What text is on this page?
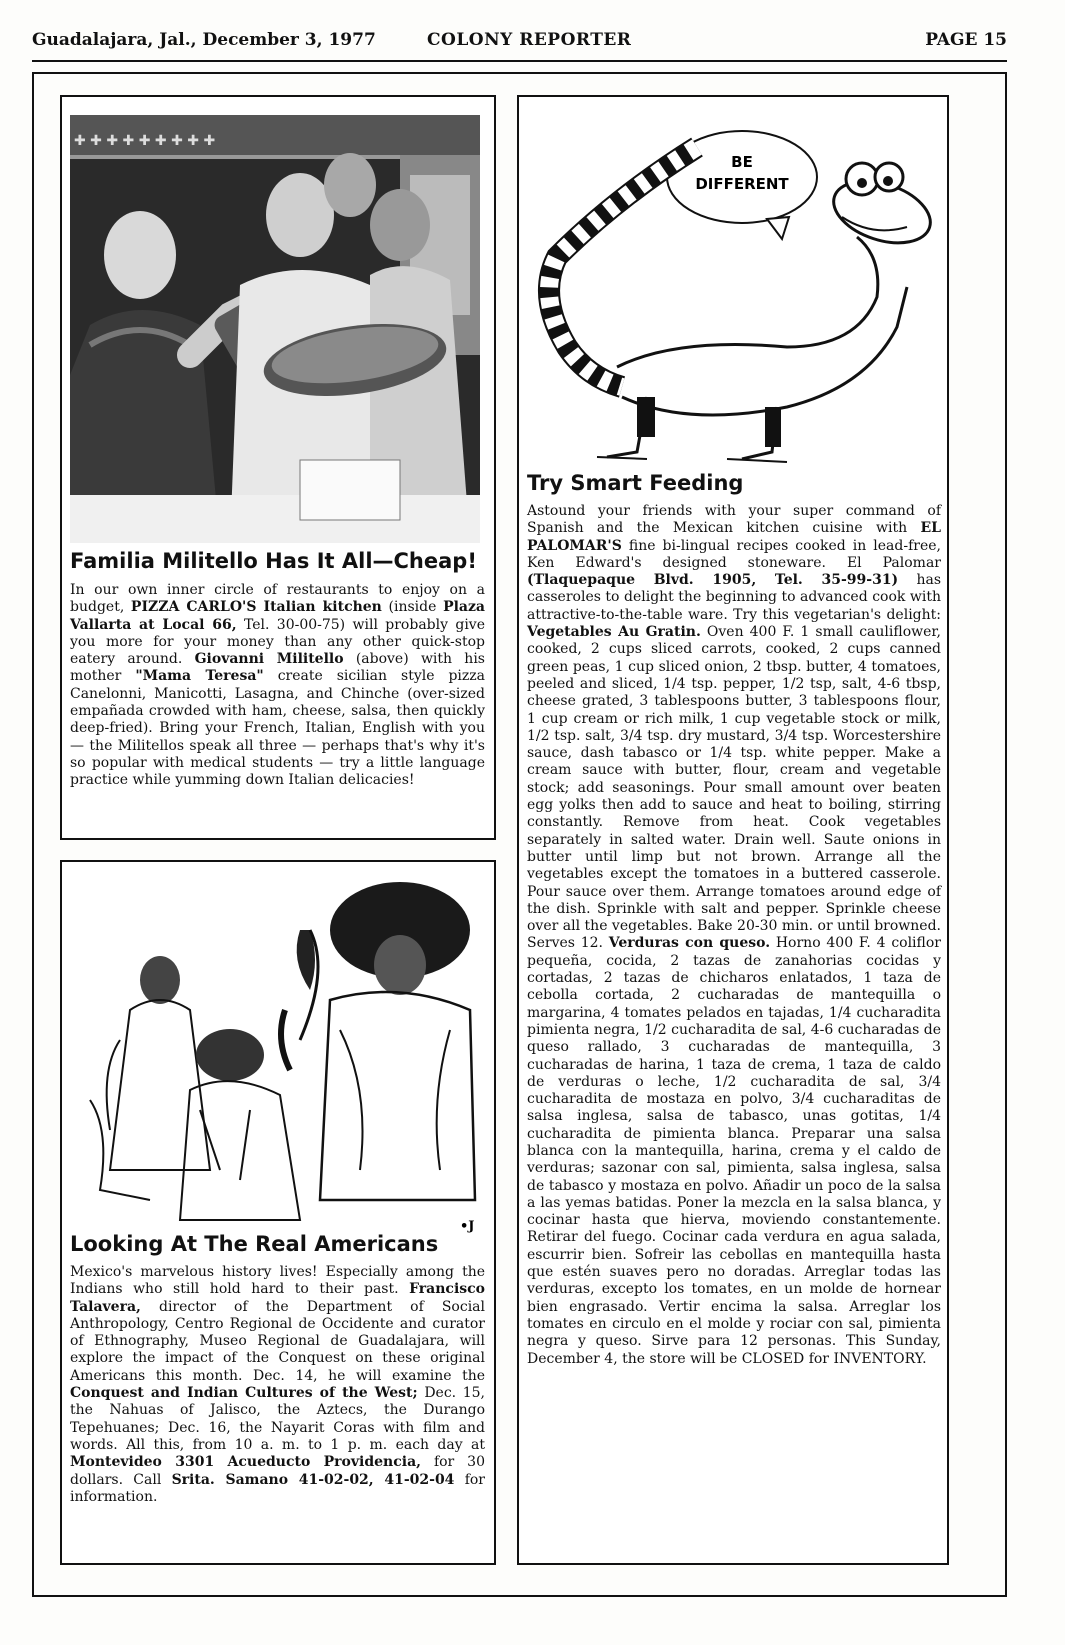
Guadalajara, Jal., December 3, 1977	COLONY REPORTER	PAGE 15
✚ ✚ ✚ ✚ ✚ ✚ ✚ ✚ ✚
Familia Militello Has It All—Cheap!

In our own inner circle of restaurants to enjoy on a budget, PIZZA CARLO'S Italian kitchen (inside Plaza Vallarta at Local 66, Tel. 30-00-75) will probably give you more for your money than any other quick-stop eatery around. Giovanni Militello (above) with his mother "Mama Teresa" create sicilian style pizza Canelonni, Manicotti, Lasagna, and Chinche (over-sized empañada crowded with ham, cheese, salsa, then quickly deep-fried). Bring your French, Italian, English with you — the Militellos speak all three — perhaps that's why it's so popular with medical students — try a little language practice while yumming down Italian delicacies!

BE
DIFFERENT
Try Smart Feeding

Astound your friends with your super command of Spanish and the Mexican kitchen cuisine with EL PALOMAR'S fine bi-lingual recipes cooked in lead-free, Ken Edward's designed stoneware. El Palomar (Tlaquepaque Blvd. 1905, Tel. 35-99-31) has casseroles to delight the beginning to advanced cook with attractive-to-the-table ware. Try this vegetarian's delight: Vegetables Au Gratin. Oven 400 F. 1 small cauliflower, cooked, 2 cups sliced carrots, cooked, 2 cups canned green peas, 1 cup sliced onion, 2 tbsp. butter, 4 tomatoes, peeled and sliced, 1/4 tsp. pepper, 1/2 tsp, salt, 4-6 tbsp, cheese grated, 3 tablespoons butter, 3 tablespoons flour, 1 cup cream or rich milk, 1 cup vegetable stock or milk, 1/2 tsp. salt, 3/4 tsp. dry mustard, 3/4 tsp. Worcestershire sauce, dash tabasco or 1/4 tsp. white pepper. Make a cream sauce with butter, flour, cream and vegetable stock; add seasonings. Pour small amount over beaten egg yolks then add to sauce and heat to boiling, stirring constantly. Remove from heat. Cook vegetables separately in salted water. Drain well. Saute onions in butter until limp but not brown. Arrange all the vegetables except the tomatoes in a buttered casserole. Pour sauce over them. Arrange tomatoes around edge of the dish. Sprinkle with salt and pepper. Sprinkle cheese over all the vegetables. Bake 20-30 min. or until browned. Serves 12. Verduras con queso. Horno 400 F. 4 coliflor pequeña, cocida, 2 tazas de zanahorias cocidas y cortadas, 2 tazas de chicharos enlatados, 1 taza de cebolla cortada, 2 cucharadas de mantequilla o margarina, 4 tomates pelados en tajadas, 1/4 cucharadita pimienta negra, 1/2 cucharadita de sal, 4-6 cucharadas de queso rallado, 3 cucharadas de mantequilla, 3 cucharadas de harina, 1 taza de crema, 1 taza de caldo de verduras o leche, 1/2 cucharadita de sal, 3/4 cucharadita de mostaza en polvo, 3/4 cucharaditas de salsa inglesa, salsa de tabasco, unas gotitas, 1/4 cucharadita de pimienta blanca. Preparar una salsa blanca con la mantequilla, harina, crema y el caldo de verduras; sazonar con sal, pimienta, salsa inglesa, salsa de tabasco y mostaza en polvo. Añadir un poco de la salsa a las yemas batidas. Poner la mezcla en la salsa blanca, y cocinar hasta que hierva, moviendo constantemente. Retirar del fuego. Cocinar cada verdura en agua salada, escurrir bien. Sofreir las cebollas en mantequilla hasta que estén suaves pero no doradas. Arreglar todas las verduras, excepto los tomates, en un molde de hornear bien engrasado. Vertir encima la salsa. Arreglar los tomates en circulo en el molde y rociar con sal, pimienta negra y queso. Sirve para 12 personas. This Sunday, December 4, the store will be CLOSED for INVENTORY.

•J
Looking At The Real Americans

Mexico's marvelous history lives! Especially among the Indians who still hold hard to their past. Francisco Talavera, director of the Department of Social Anthropology, Centro Regional de Occidente and curator of Ethnography, Museo Regional de Guadalajara, will explore the impact of the Conquest on these original Americans this month. Dec. 14, he will examine the Conquest and Indian Cultures of the West; Dec. 15, the Nahuas of Jalisco, the Aztecs, the Durango Tepehuanes; Dec. 16, the Nayarit Coras with film and words. All this, from 10 a. m. to 1 p. m. each day at Montevideo 3301 Acueducto Providencia, for 30 dollars. Call Srita. Samano 41-02-02, 41-02-04 for information.
